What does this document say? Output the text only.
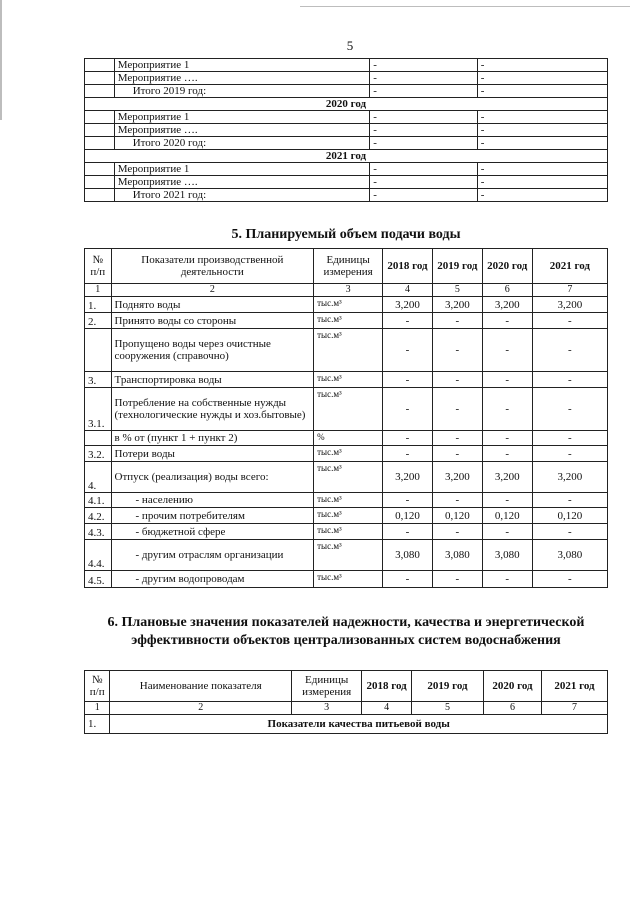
5
	Мероприятие 1	-	-
	Мероприятие ….	-	-
	Итого 2019 год:	-	-
2020 год			
	Мероприятие 1	-	-
	Мероприятие ….	-	-
	Итого 2020 год:	-	-
2021 год			
	Мероприятие 1	-	-
	Мероприятие ….	-	-
	Итого 2021 год:	-	-
5. Планируемый объем подачи воды
№ п/п	Показатели производственной деятельности	Единицы измерения	2018 год	2019 год	2020 год	2021 год
1	2	3	4	5	6	7
1.	Поднято воды	тыс.м³	3,200	3,200	3,200	3,200
2.	Принято воды со стороны	тыс.м³	-	-	-	-
	Пропущено воды через очистные сооружения (справочно)	тыс.м³	-	-	-	-
3.	Транспортировка воды	тыс.м³	-	-	-	-
3.1.	Потребление на собственные нужды (технологические нужды и хоз.бытовые)	тыс.м³	-	-	-	-
	в % от (пункт 1 + пункт 2)	%	-	-	-	-
3.2.	Потери воды	тыс.м³	-	-	-	-
4.	Отпуск (реализация) воды всего:	тыс.м³	3,200	3,200	3,200	3,200
4.1.	- населению	тыс.м³	-	-	-	-
4.2.	- прочим потребителям	тыс.м³	0,120	0,120	0,120	0,120
4.3.	- бюджетной сфере	тыс.м³	-	-	-	-
4.4.	- другим отраслям организации	тыс.м³	3,080	3,080	3,080	3,080
4.5.	- другим водопроводам	тыс.м³	-	-	-	-
6. Плановые значения показателей надежности, качества и энергетической эффективности объектов централизованных систем водоснабжения
№ п/п	Наименование показателя	Единицы измерения	2018 год	2019 год	2020 год	2021 год
1	2	3	4	5	6	7
1.	Показатели качества питьевой воды					
